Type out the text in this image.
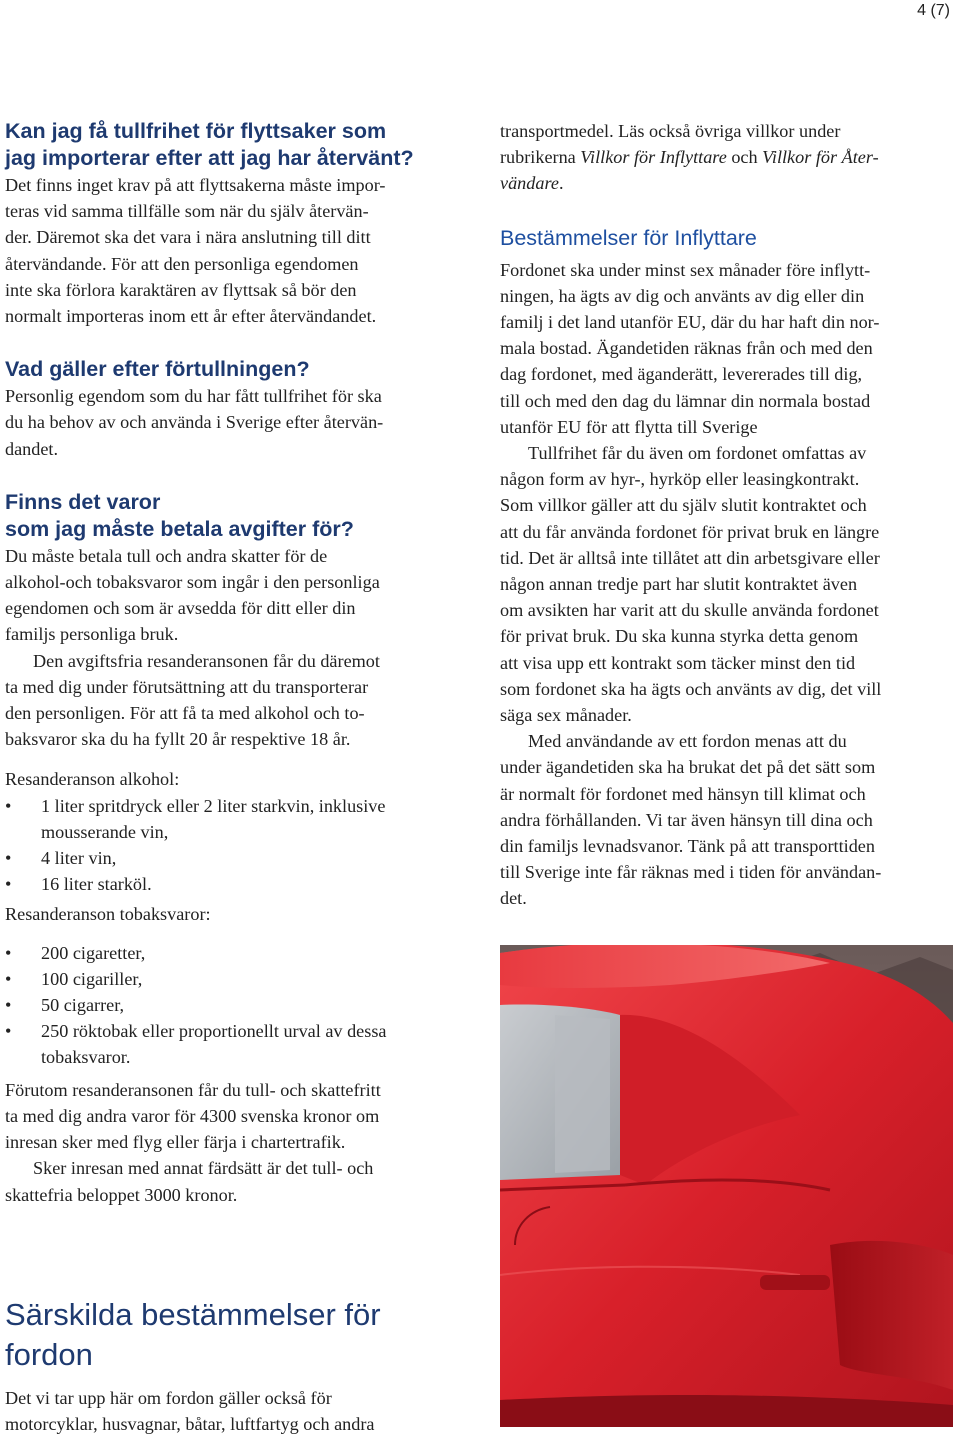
4 (7)
Kan jag få tullfrihet för flyttsaker som
jag importerar efter att jag har återvänt?

Det finns inget krav på att flyttsakerna måste impor-
teras vid samma tillfälle som när du själv återvän-
der. Däremot ska det vara i nära anslutning till ditt
återvändande. För att den personliga egendomen
inte ska förlora karaktären av flyttsak så bör den
normalt importeras inom ett år efter återvändandet.

Vad gäller efter förtullningen?

Personlig egendom som du har fått tullfrihet för ska
du ha behov av och använda i Sverige efter återvän-
dandet.

Finns det varor
som jag måste betala avgifter för?

Du måste betala tull och andra skatter för de
alkohol-och tobaksvaror som ingår i den personliga
egendomen och som är avsedda för ditt eller din
familjs personliga bruk.

Den avgiftsfria resanderansonen får du däremot
ta med dig under förutsättning att du transporterar
den personligen. För att få ta med alkohol och to-
baksvaror ska du ha fyllt 20 år respektive 18 år.

Resanderanson alkohol:

• 1 liter spritdryck eller 2 liter starkvin, inklusive
mousserande vin,
• 4 liter vin,
• 16 liter starköl.

Resanderanson tobaksvaror:

• 200 cigaretter,
• 100 cigariller,
• 50 cigarrer,
• 250 röktobak eller proportionellt urval av dessa
tobaksvaror.

Förutom resanderansonen får du tull- och skattefritt
ta med dig andra varor för 4300 svenska kronor om
inresan sker med flyg eller färja i chartertrafik.

Sker inresan med annat färdsätt är det tull- och
skattefria beloppet 3000 kronor.

Särskilda bestämmelser för
fordon

Det vi tar upp här om fordon gäller också för
motorcyklar, husvagnar, båtar, luftfartyg och andra

transportmedel. Läs också övriga villkor under
rubrikerna Villkor för Inflyttare och Villkor för Åter-
vändare.

Bestämmelser för Inflyttare

Fordonet ska under minst sex månader före inflytt-
ningen, ha ägts av dig och använts av dig eller din
familj i det land utanför EU, där du har haft din nor-
mala bostad. Ägandetiden räknas från och med den
dag fordonet, med äganderätt, levererades till dig,
till och med den dag du lämnar din normala bostad
utanför EU för att flytta till Sverige

Tullfrihet får du även om fordonet omfattas av
någon form av hyr-, hyrköp eller leasingkontrakt.
Som villkor gäller att du själv slutit kontraktet och
att du får använda fordonet för privat bruk en längre
tid. Det är alltså inte tillåtet att din arbetsgivare eller
någon annan tredje part har slutit kontraktet även
om avsikten har varit att du skulle använda fordonet
för privat bruk. Du ska kunna styrka detta genom
att visa upp ett kontrakt som täcker minst den tid
som fordonet ska ha ägts och använts av dig, det vill
säga sex månader.

Med användande av ett fordon menas att du
under ägandetiden ska ha brukat det på det sätt som
är normalt för fordonet med hänsyn till klimat och
andra förhållanden. Vi tar även hänsyn till dina och
din familjs levnadsvanor. Tänk på att transporttiden
till Sverige inte får räknas med i tiden för användan-
det.
